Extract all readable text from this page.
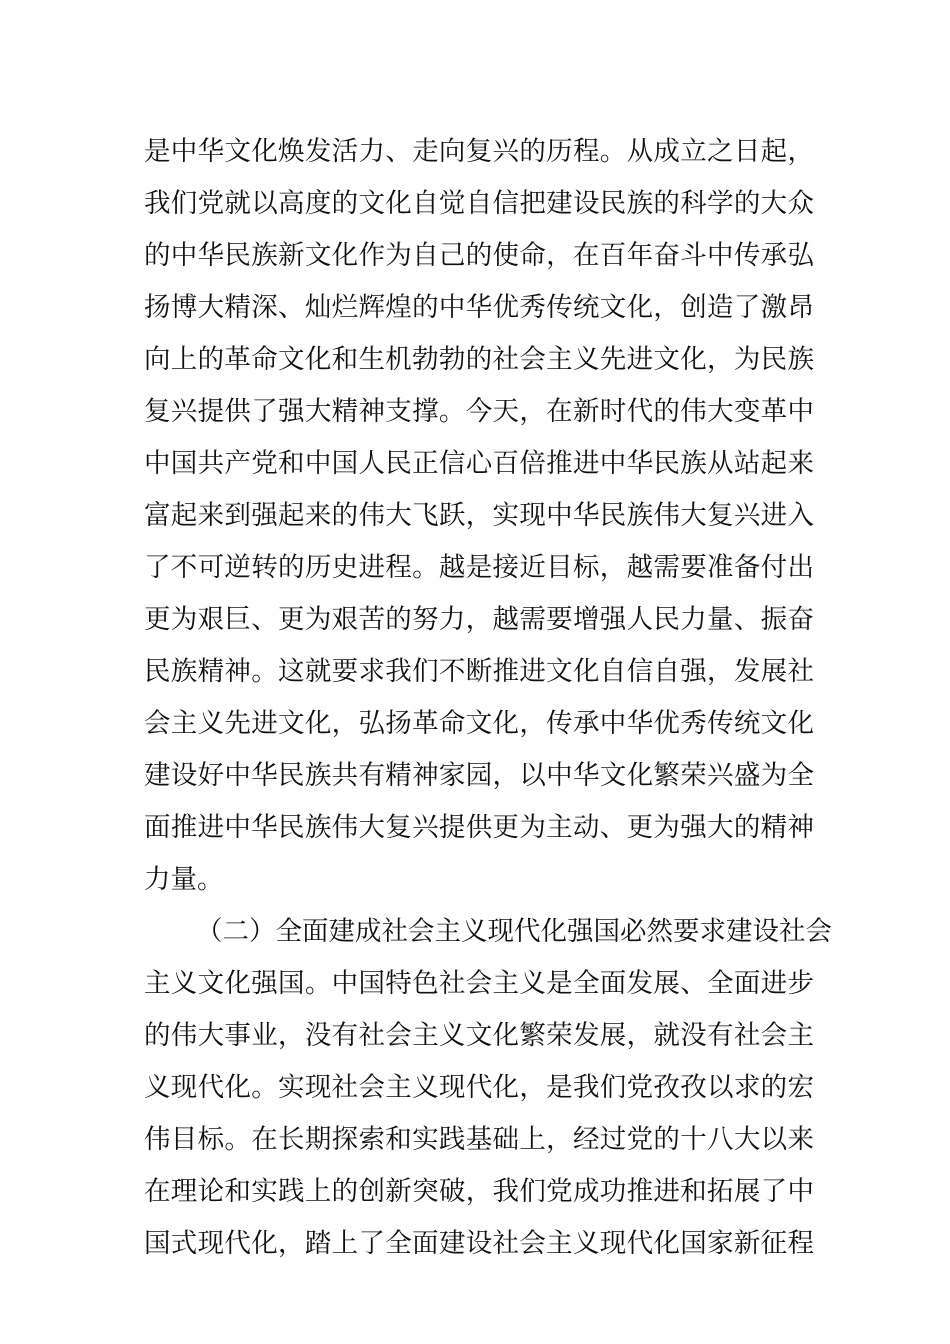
是中华文化焕发活力、走向复兴的历程。从成立之日起，
我们党就以高度的文化自觉自信把建设民族的科学的大众
的中华民族新文化作为自己的使命，在百年奋斗中传承弘
扬博大精深、灿烂辉煌的中华优秀传统文化，创造了激昂
向上的革命文化和生机勃勃的社会主义先进文化，为民族
复兴提供了强大精神支撑。今天，在新时代的伟大变革中
中国共产党和中国人民正信心百倍推进中华民族从站起来
富起来到强起来的伟大飞跃，实现中华民族伟大复兴进入
了不可逆转的历史进程。越是接近目标，越需要准备付出
更为艰巨、更为艰苦的努力，越需要增强人民力量、振奋
民族精神。这就要求我们不断推进文化自信自强，发展社
会主义先进文化，弘扬革命文化，传承中华优秀传统文化
建设好中华民族共有精神家园，以中华文化繁荣兴盛为全
面推进中华民族伟大复兴提供更为主动、更为强大的精神
力量。
（二）全面建成社会主义现代化强国必然要求建设社会
主义文化强国。中国特色社会主义是全面发展、全面进步
的伟大事业，没有社会主义文化繁荣发展，就没有社会主
义现代化。实现社会主义现代化，是我们党孜孜以求的宏
伟目标。在长期探索和实践基础上，经过党的十八大以来
在理论和实践上的创新突破，我们党成功推进和拓展了中
国式现代化，踏上了全面建设社会主义现代化国家新征程
